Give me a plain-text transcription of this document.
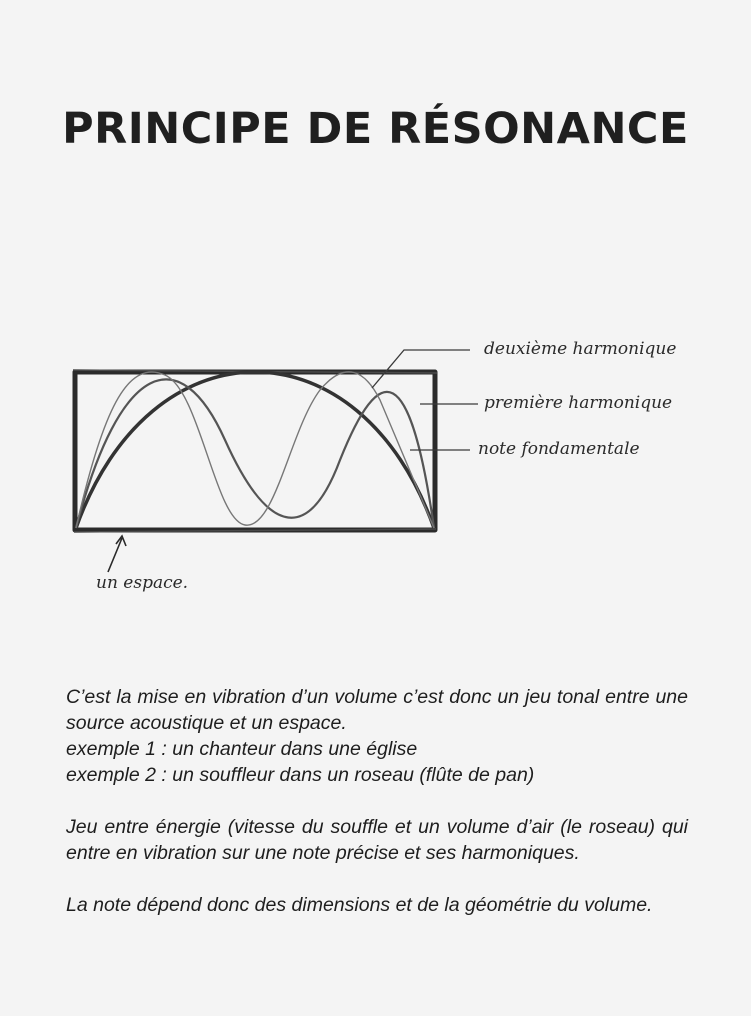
PRINCIPE DE RÉSONANCE
deuxième harmonique
première harmonique
note fondamentale
un espace.

C’est la mise en vibration d’un volume c’est donc un jeu tonal entre une source acoustique et un espace.

exemple 1 : un chanteur dans une église

exemple 2 : un souffleur dans un roseau (flûte de pan)

Jeu entre énergie (vitesse du souffle et un volume d’air (le roseau) qui entre en vibration sur une note précise et ses harmoniques.

La note dépend donc des dimensions et de la géométrie du volume.
